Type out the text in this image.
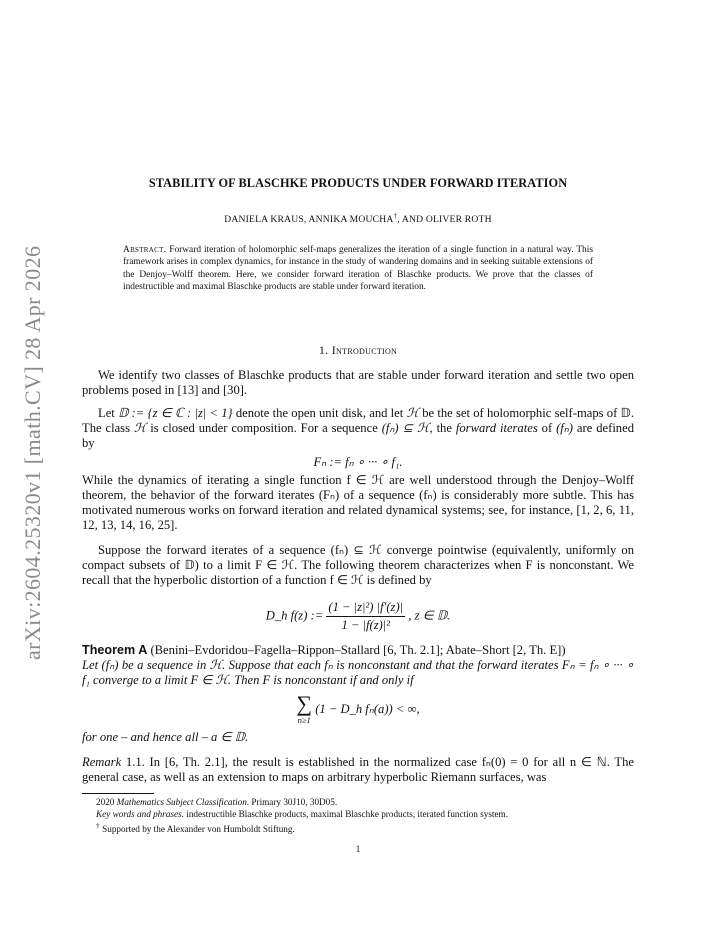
arXiv:2604.25320v1 [math.CV] 28 Apr 2026
STABILITY OF BLASCHKE PRODUCTS UNDER FORWARD ITERATION
DANIELA KRAUS, ANNIKA MOUCHA†, AND OLIVER ROTH
Abstract. Forward iteration of holomorphic self-maps generalizes the iteration of a single function in a natural way. This framework arises in complex dynamics, for instance in the study of wandering domains and in seeking suitable extensions of the Denjoy–Wolff theorem. Here, we consider forward iteration of Blaschke products. We prove that the classes of indestructible and maximal Blaschke products are stable under forward iteration.
1. Introduction

We identify two classes of Blaschke products that are stable under forward iteration and settle two open problems posed in [13] and [30].

Let 𝔻 := {z ∈ ℂ : |z| < 1} denote the open unit disk, and let ℋ be the set of holomorphic self-maps of 𝔻. The class ℋ is closed under composition. For a sequence (fₙ) ⊆ ℋ, the forward iterates of (fₙ) are defined by

Fₙ := fₙ ∘ ··· ∘ f₁.

While the dynamics of iterating a single function f ∈ ℋ are well understood through the Denjoy–Wolff theorem, the behavior of the forward iterates (Fₙ) of a sequence (fₙ) is considerably more subtle. This has motivated numerous works on forward iteration and related dynamical systems; see, for instance, [1, 2, 6, 11, 12, 13, 14, 16, 25].

Suppose the forward iterates of a sequence (fₙ) ⊆ ℋ converge pointwise (equivalently, uniformly on compact subsets of 𝔻) to a limit F ∈ ℋ. The following theorem characterizes when F is nonconstant. We recall that the hyperbolic distortion of a function f ∈ ℋ is defined by

D_h f(z) := $\frac{\text{(1 − |z|²) |f′(z)|}}{\text{1 − |f(z)|²}}$ , z ∈ 𝔻.

Theorem A (Benini–Evdoridou–Fagella–Rippon–Stallard [6, Th. 2.1]; Abate–Short [2, Th. E])
Let (fₙ) be a sequence in ℋ. Suppose that each fₙ is nonconstant and that the forward iterates Fₙ = fₙ ∘ ··· ∘ f₁ converge to a limit F ∈ ℋ. Then F is nonconstant if and only if

∑
n≥1
(1 − D_h fₙ(a)) < ∞,

for one – and hence all – a ∈ 𝔻.

Remark 1.1. In [6, Th. 2.1], the result is established in the normalized case fₙ(0) = 0 for all n ∈ ℕ. The general case, as well as an extension to maps on arbitrary hyperbolic Riemann surfaces, was

2020 Mathematics Subject Classification. Primary 30J10, 30D05.
Key words and phrases. indestructible Blaschke products, maximal Blaschke products, iterated function system.
† Supported by the Alexander von Humboldt Stiftung.
1
